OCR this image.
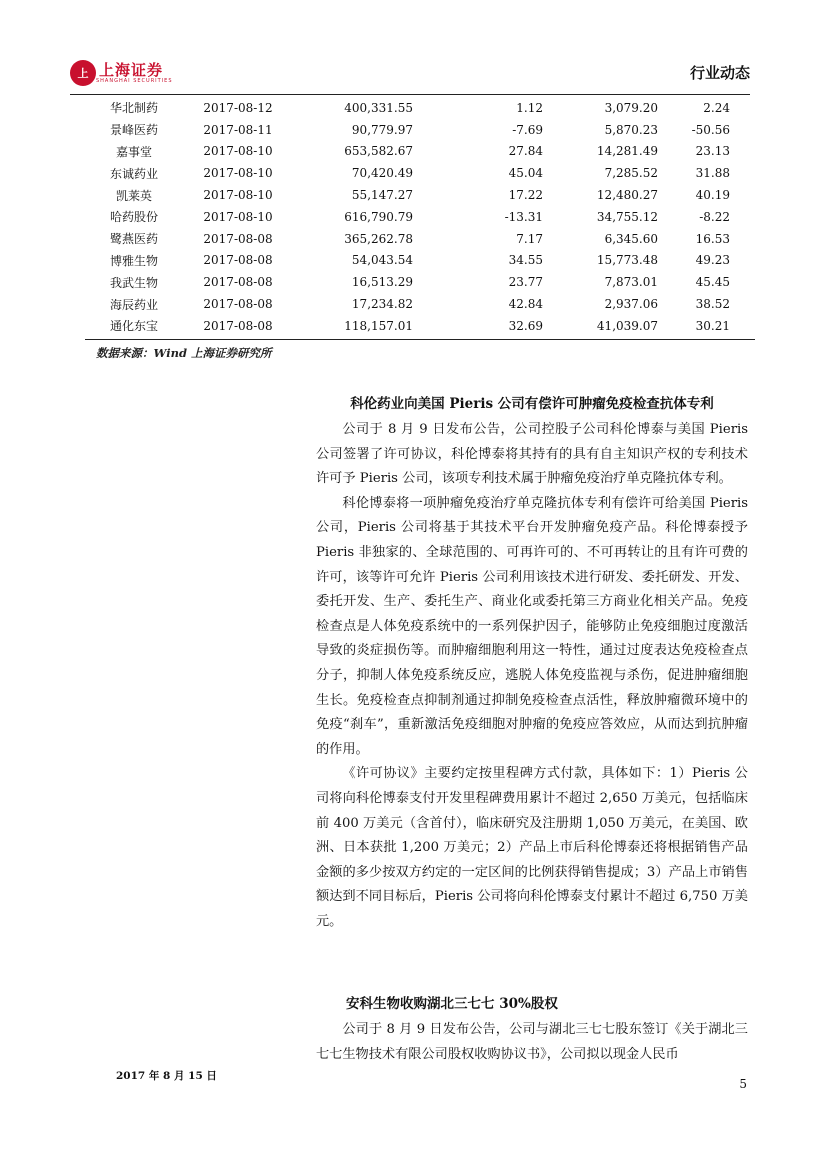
上 上海证券
SHANGHAI SECURITIES	行业动态
华北制药	2017-08-12	400,331.55	1.12	3,079.20	2.24
景峰医药	2017-08-11	90,779.97	-7.69	5,870.23	-50.56
嘉事堂	2017-08-10	653,582.67	27.84	14,281.49	23.13
东诚药业	2017-08-10	70,420.49	45.04	7,285.52	31.88
凯莱英	2017-08-10	55,147.27	17.22	12,480.27	40.19
哈药股份	2017-08-10	616,790.79	-13.31	34,755.12	-8.22
鹭燕医药	2017-08-08	365,262.78	7.17	6,345.60	16.53
博雅生物	2017-08-08	54,043.54	34.55	15,773.48	49.23
我武生物	2017-08-08	16,513.29	23.77	7,873.01	45.45
海辰药业	2017-08-08	17,234.82	42.84	2,937.06	38.52
通化东宝	2017-08-08	118,157.01	32.69	41,039.07	30.21
数据来源：Wind 上海证券研究所
科伦药业向美国 Pieris 公司有偿许可肿瘤免疫检查抗体专利

公司于 8 月 9 日发布公告，公司控股子公司科伦博泰与美国 Pieris 公司签署了许可协议，科伦博泰将其持有的具有自主知识产权的专利技术许可予 Pieris 公司，该项专利技术属于肿瘤免疫治疗单克隆抗体专利。

科伦博泰将一项肿瘤免疫治疗单克隆抗体专利有偿许可给美国 Pieris 公司，Pieris 公司将基于其技术平台开发肿瘤免疫产品。科伦博泰授予 Pieris 非独家的、全球范围的、可再许可的、不可再转让的且有许可费的许可，该等许可允许 Pieris 公司利用该技术进行研发、委托研发、开发、委托开发、生产、委托生产、商业化或委托第三方商业化相关产品。免疫检查点是人体免疫系统中的一系列保护因子，能够防止免疫细胞过度激活导致的炎症损伤等。而肿瘤细胞利用这一特性，通过过度表达免疫检查点分子，抑制人体免疫系统反应，逃脱人体免疫监视与杀伤，促进肿瘤细胞生长。免疫检查点抑制剂通过抑制免疫检查点活性，释放肿瘤微环境中的免疫“刹车”，重新激活免疫细胞对肿瘤的免疫应答效应，从而达到抗肿瘤的作用。

《许可协议》主要约定按里程碑方式付款，具体如下：1）Pieris 公司将向科伦博泰支付开发里程碑费用累计不超过 2,650 万美元，包括临床前 400 万美元（含首付），临床研究及注册期 1,050 万美元，在美国、欧洲、日本获批 1,200 万美元；2）产品上市后科伦博泰还将根据销售产品金额的多少按双方约定的一定区间的比例获得销售提成；3）产品上市销售额达到不同目标后，Pieris 公司将向科伦博泰支付累计不超过 6,750 万美元。

安科生物收购湖北三七七 30%股权

公司于 8 月 9 日发布公告，公司与湖北三七七股东签订《关于湖北三七七生物技术有限公司股权收购协议书》，公司拟以现金人民币

2017 年 8 月 15 日
5
